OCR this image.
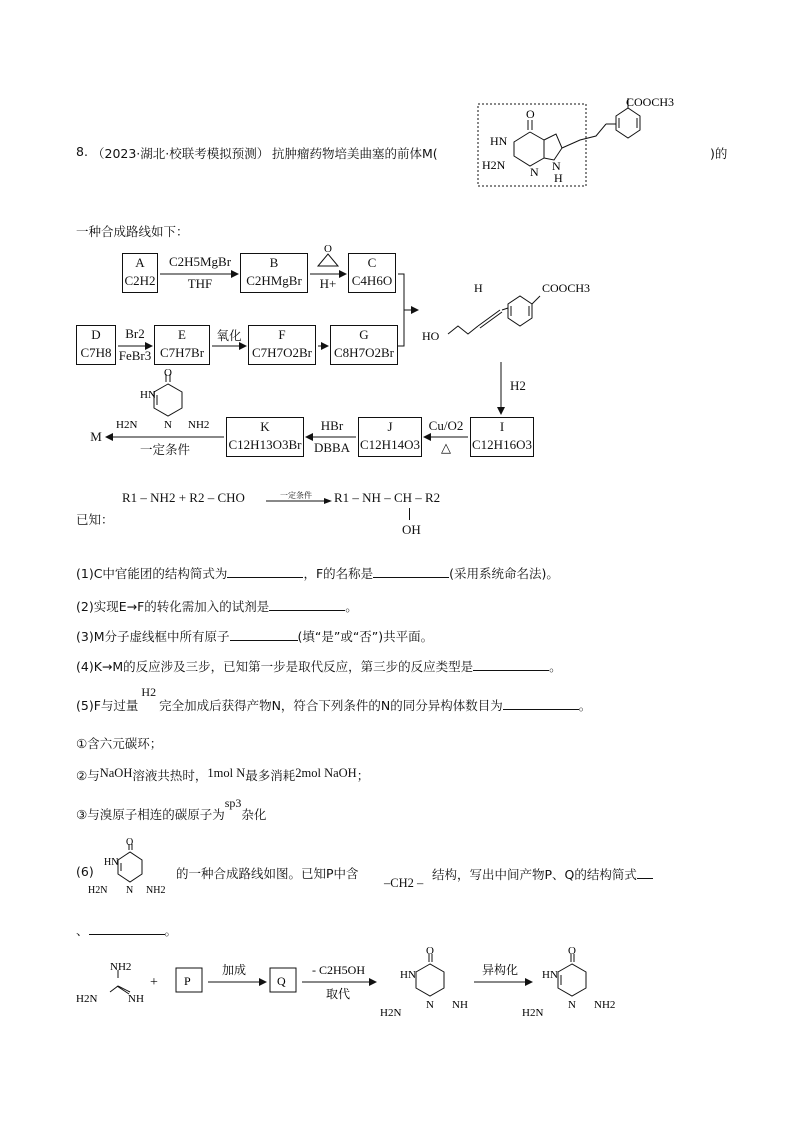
8. （2023·湖北·校联考模拟预测） 抗肿瘤药物培美曲塞的前体M(	)的
COOCH3
O
HN
H2N N N
H
一种合成路线如下：
A
C2H2
B
C2HMgBr
C
C4H6O
D
C7H8
E
C7H7Br
F
C7H7O2Br
G
C8H7O2Br
I
C12H16O3
J
C12H14O3
K
C12H13O3Br
O
C2H5MgBr
THF	H+
Br2
FeBr3
氧化
H2
Cu/O2
△
HBr
DBBA
一定条件
M
H	COOCH3
HO
O
HN
H2N N NH2
已知：
R1 – NH2 + R2 – CHO	一定条件 R1 – NH – CH – R2
OH
(1)C中官能团的结构简式为	，F的名称是	(采用系统命名法)。
(2)实现E→F的转化需加入的试剂是	。
(3)M分子虚线框中所有原子	(填“是”或“否”)共平面。
(4)K→M的反应涉及三步，已知第一步是取代反应，第三步的反应类型是	。
(5)F与过量H2完全加成后获得产物N，符合下列条件的N的同分异构体数目为	。
①含六元碳环；
②与NaOH溶液共热时，1mol N最多消耗2mol NaOH；
③与溴原子相连的碳原子为sp3杂化
(6)
O
HN
H2N N NH2
的一种合成路线如图。已知P中含
–CH2 –
结构，写出中间产物P、Q的结构简式
、	。
NH2
H2N	NH
+ P
加成
Q
- C2H5OH
取代
O
HN
H2N
N NH
异构化
O
HN
H2N
N NH2
